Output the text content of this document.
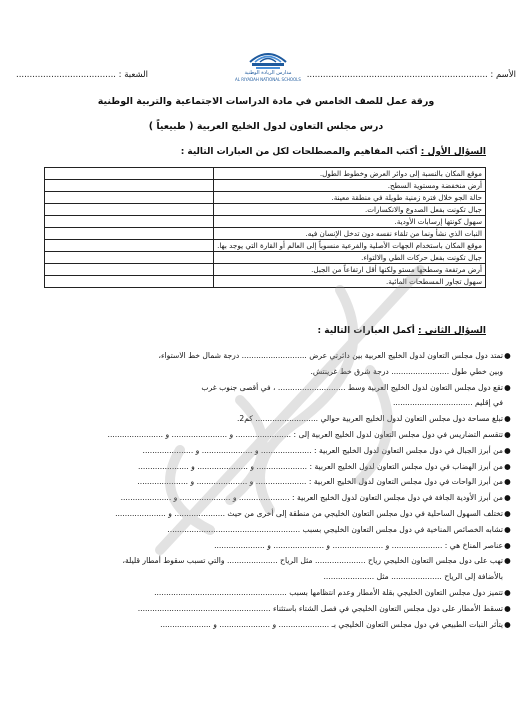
مدارس الريادة الوطنية
AL RIYADAH NATIONAL SCHOOLS الأسم : ...................................................................
الشعبة : .....................................
ورقة عمل للصف الخامس في مادة الدراسات الاجتماعية والتربية الوطنية
درس مجلس التعاون لدول الخليج العربية ( طبيعياً )
السؤال الأول : أكتب المفاهيم والمصطلحات لكل من العبارات التالية :
موقع المكان بالنسبة إلى دوائر العرض وخطوط الطول.	
أرض منخفضة ومستوية السطح.	
حالة الجو خلال فترة زمنية طويلة في منطقة معينة.	
جبال تكونت بفعل الصدوع والانكسارات.	
سهول كونتها إرسابات الأودية.	
النبات الذي نشأ ونما من تلقاء نفسه دون تدخل الإنسان فيه.	
موقع المكان باستخدام الجهات الأصلية والفرعية منسوباً إلى العالم أو القارة التي يوجد بها.	
جبال تكونت بفعل حركات الطي والالتواء.	
أرض مرتفعة وسطحها مستو ولكنها أقل ارتفاعاً من الجبل.	
سهول تجاور المسطحات المائية.	
السؤال الثاني : أكمل العبارات التالية :
●تمتد دول مجلس التعاون لدول الخليج العربية بين دائرتي عرض ........................... درجة شمال خط الاستواء،
وبين خطي طول ........................ درجة شرق خط غرينتش.
●تقع دول مجلس التعاون لدول الخليج العربية وسط ............................ ، في أقصى جنوب غرب
في إقليم .................................
●تبلغ مساحة دول مجلس التعاون لدول الخليج العربية حوالي .......................... كم2.
●تتقسم التضاريس في دول مجلس التعاون لدول الخليج العربية إلى : ....................... و ....................... و .......................
●من أبرز الجبال في دول مجلس التعاون لدول الخليج العربية : ..................... و ..................... و .....................
●من أبرز الهضاب في دول مجلس التعاون لدول الخليج العربية : ..................... و ..................... و .....................
●من أبرز الواحات في دول مجلس التعاون لدول الخليج العربية : ..................... و ..................... و .....................
●من أبرز الأودية الجافة في دول مجلس التعاون لدول الخليج العربية : ..................... و ..................... و .....................
●تختلف السهول الساحلية في دول مجلس التعاون الخليجي من منطقة إلى أخرى من حيث ..................... و .....................
●تشابه الخصائص المناخية في دول مجلس التعاون الخليجي بسبب .......................................................
●عناصر المناخ هي : ..................... و ..................... و ..................... و .....................
●تهب على دول مجلس التعاون الخليجي رياح ..................... مثل الرياح ..................... والتي تسبب سقوط أمطار قليلة،
بالأضافة إلى الرياح ..................... مثل .....................
●تتميز دول مجلس التعاون الخليجي بقلة الأمطار وعدم انتظامها بسبب .......................................................
●تسقط الأمطار على دول مجلس التعاون الخليجي في فصل الشتاء باستثناء .......................................................
●يتأثر النبات الطبيعي في دول مجلس التعاون الخليجي بـ ..................... و ..................... و .....................
